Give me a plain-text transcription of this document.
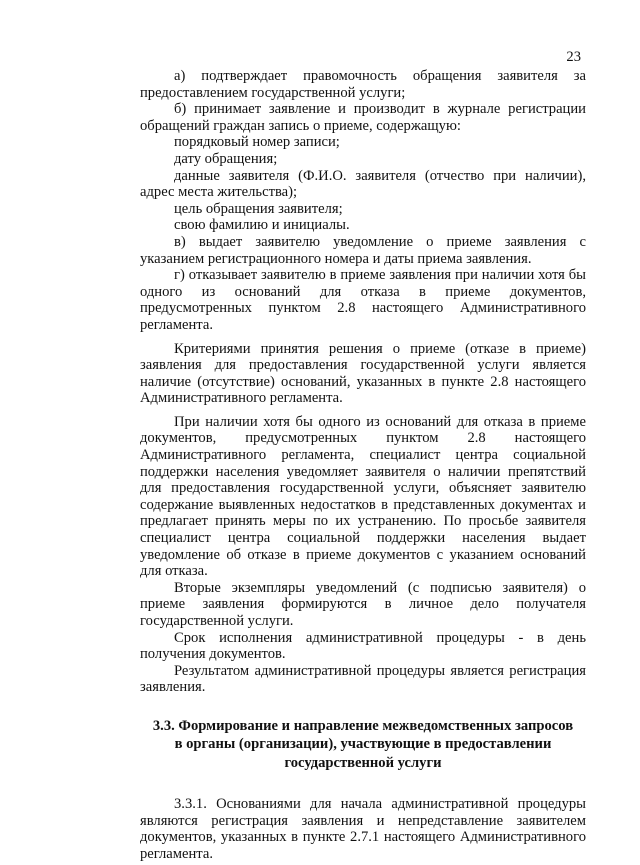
23

а) подтверждает правомочность обращения заявителя за предоставлением государственной услуги;

б) принимает заявление и производит в журнале регистрации обращений граждан запись о приеме, содержащую:

порядковый номер записи;

дату обращения;

данные заявителя (Ф.И.О. заявителя (отчество при наличии), адрес места жительства);

цель обращения заявителя;

свою фамилию и инициалы.

в) выдает заявителю уведомление о приеме заявления с указанием регистрационного номера и даты приема заявления.

г) отказывает заявителю в приеме заявления при наличии хотя бы одного из оснований для отказа в приеме документов, предусмотренных пунктом 2.8 настоящего Административного регламента.

Критериями принятия решения о приеме (отказе в приеме) заявления для предоставления государственной услуги является наличие (отсутствие) оснований, указанных в пункте 2.8 настоящего Административного регламента.

При наличии хотя бы одного из оснований для отказа в приеме документов, предусмотренных пунктом 2.8 настоящего Административного регламента, специалист центра социальной поддержки населения уведомляет заявителя о наличии препятствий для предоставления государственной услуги, объясняет заявителю содержание выявленных недостатков в представленных документах и предлагает принять меры по их устранению. По просьбе заявителя специалист центра социальной поддержки населения выдает уведомление об отказе в приеме документов с указанием оснований для отказа.

Вторые экземпляры уведомлений (с подписью заявителя) о приеме заявления формируются в личное дело получателя государственной услуги.

Срок исполнения административной процедуры - в день получения документов.

Результатом административной процедуры является регистрация заявления.

3.3. Формирование и направление межведомственных запросов
в органы (организации), участвующие в предоставлении
государственной услуги

3.3.1. Основаниями для начала административной процедуры являются регистрация заявления и непредставление заявителем документов, указанных в пункте 2.7.1 настоящего Административного регламента.
